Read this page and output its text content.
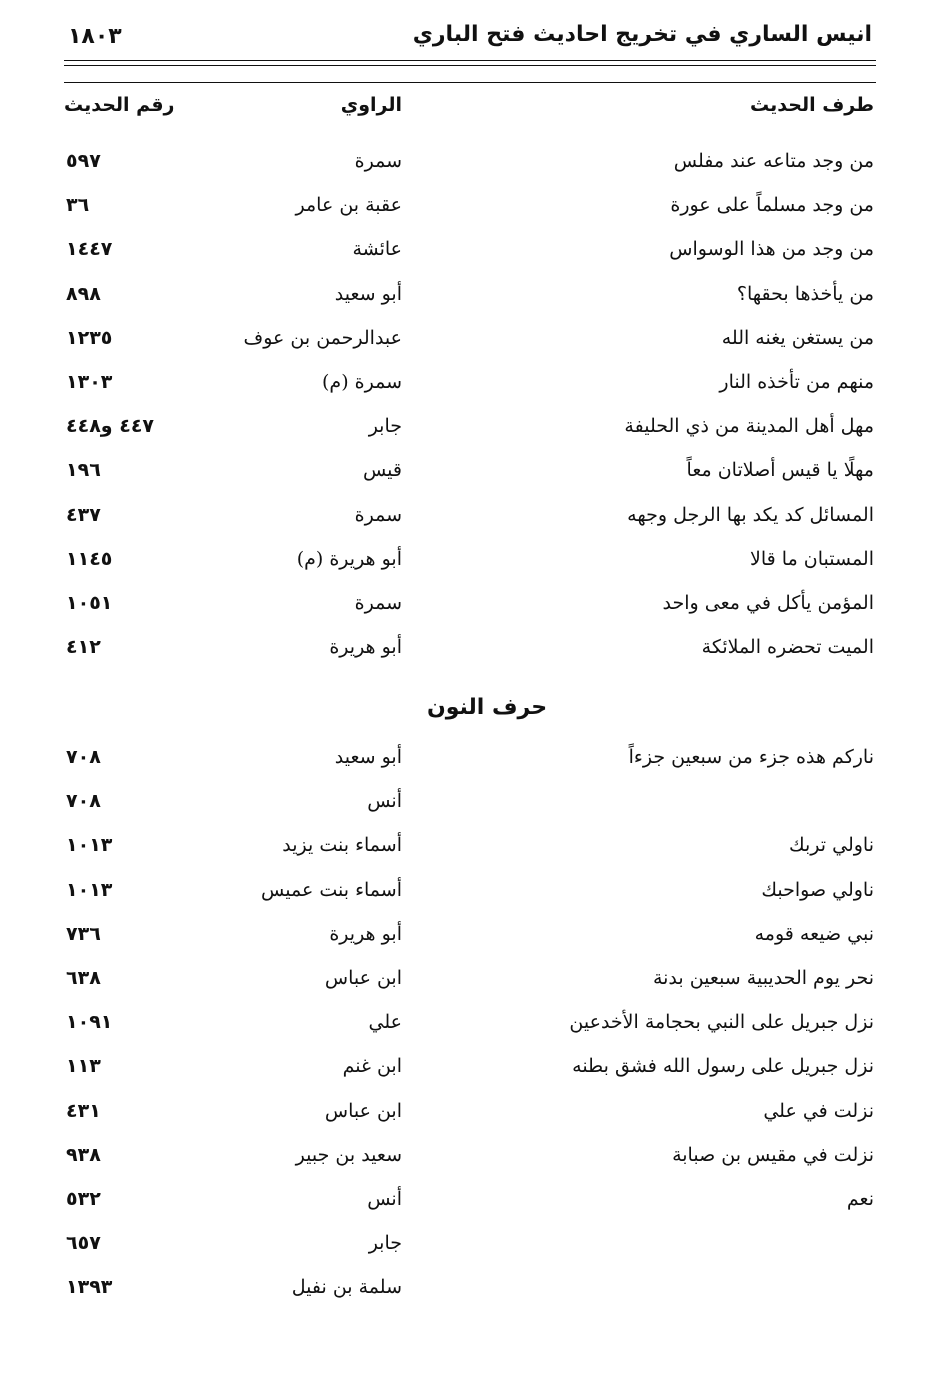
انيس الساري في تخريج احاديث فتح الباري
١٨٠٣
طرف الحديث
الراوي
رقم الحديث
من وجد متاعه عند مفلس
سمرة
٥٩٧
من وجد مسلماً على عورة
عقبة بن عامر
٣٦
من وجد من هذا الوسواس
عائشة
١٤٤٧
من يأخذها بحقها؟
أبو سعيد
٨٩٨
من يستغن يغنه الله
عبدالرحمن بن عوف
١٢٣٥
منهم من تأخذه النار
سمرة (م)
١٣٠٣
مهل أهل المدينة من ذي الحليفة
جابر
٤٤٧ و٤٤٨
مهلًا يا قيس أصلاتان معاً
قيس
١٩٦
المسائل كد يكد بها الرجل وجهه
سمرة
٤٣٧
المستبان ما قالا
أبو هريرة (م)
١١٤٥
المؤمن يأكل في معى واحد
سمرة
١٠٥١
الميت تحضره الملائكة
أبو هريرة
٤١٢
حرف النون
ناركم هذه جزء من سبعين جزءاً
أبو سعيد
٧٠٨
أنس
٧٠٨
ناولي تربك
أسماء بنت يزيد
١٠١٣
ناولي صواحبك
أسماء بنت عميس
١٠١٣
نبي ضيعه قومه
أبو هريرة
٧٣٦
نحر يوم الحديبية سبعين بدنة
ابن عباس
٦٣٨
نزل جبريل على النبي بحجامة الأخدعين
علي
١٠٩١
نزل جبريل على رسول الله فشق بطنه
ابن غنم
١١٣
نزلت في علي
ابن عباس
٤٣١
نزلت في مقيس بن صبابة
سعيد بن جبير
٩٣٨
نعم
أنس
٥٣٢
جابر
٦٥٧
سلمة بن نفيل
١٣٩٣
